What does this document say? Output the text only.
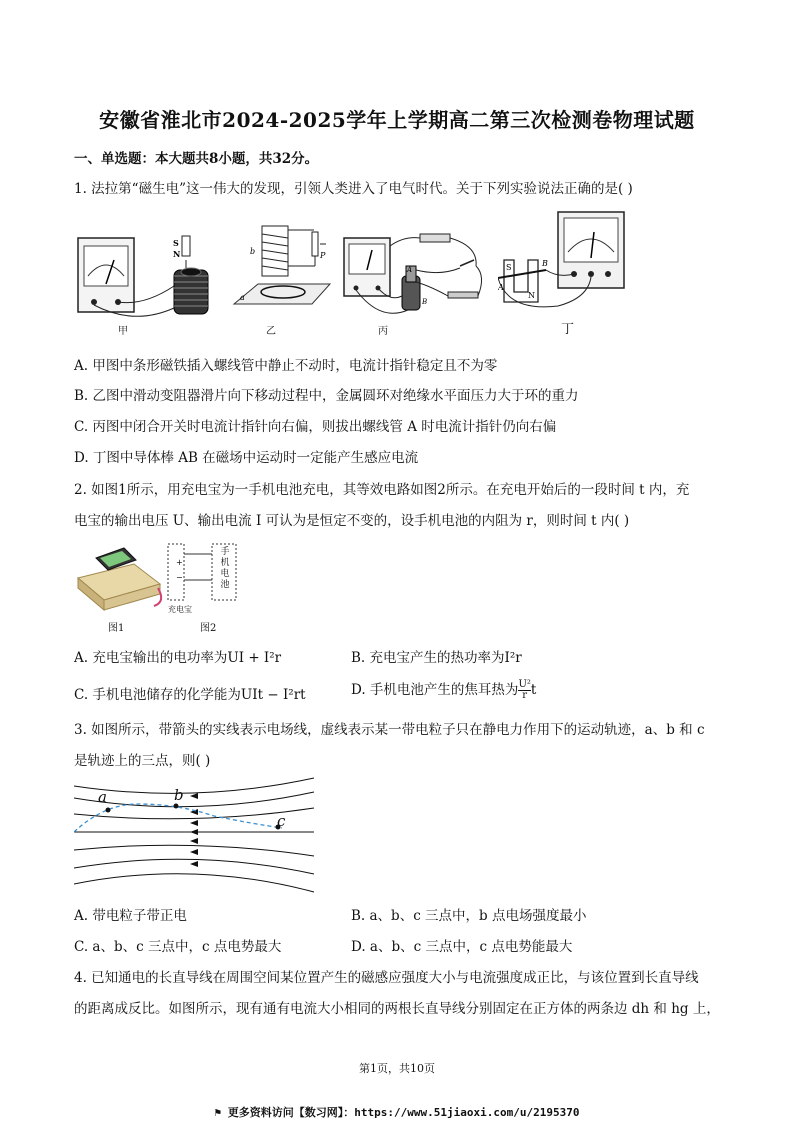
安徽省淮北市2024-2025学年上学期高二第三次检测卷物理试题
一、单选题：本大题共8小题，共32分。
1. 法拉第“磁生电”这一伟大的发现，引领人类进入了电气时代。关于下列实验说法正确的是( )
S
N
甲
a
b	P
乙
A
B
丙
S
N
B
A
丁
A. 甲图中条形磁铁插入螺线管中静止不动时，电流计指针稳定且不为零
B. 乙图中滑动变阻器滑片向下移动过程中，金属圆环对绝缘水平面压力大于环的重力
C. 丙图中闭合开关时电流计指针向右偏，则拔出螺线管 A 时电流计指针仍向右偏
D. 丁图中导体棒 AB 在磁场中运动时一定能产生感应电流
2. 如图1所示，用充电宝为一手机电池充电，其等效电路如图2所示。在充电开始后的一段时间 t 内，充
电宝的输出电压 U、输出电流 I 可认为是恒定不变的，设手机电池的内阻为 r，则时间 t 内( )
图1
+
−
手机电池
充电宝
图2
A. 充电宝输出的电功率为UI + I²r	B. 充电宝产生的热功率为I²r
C. 手机电池储存的化学能为UIt − I²rt	D. 手机电池产生的焦耳热为 $\frac{\text{U²}}{r}$ t
3. 如图所示，带箭头的实线表示电场线，虚线表示某一带电粒子只在静电力作用下的运动轨迹，a、b 和 c
是轨迹上的三点，则( )
a	b
c
A. 带电粒子带正电	B. a、b、c 三点中，b 点电场强度最小
C. a、b、c 三点中，c 点电势最大	D. a、b、c 三点中，c 点电势能最大
4. 已知通电的长直导线在周围空间某位置产生的磁感应强度大小与电流强度成正比，与该位置到长直导线
的距离成反比。如图所示，现有通有电流大小相同的两根长直导线分别固定在正方体的两条边 dh 和 hg 上，
第1页，共10页
⚑ 更多资料访问【数习网】：https://www.51jiaoxi.com/u/2195370
